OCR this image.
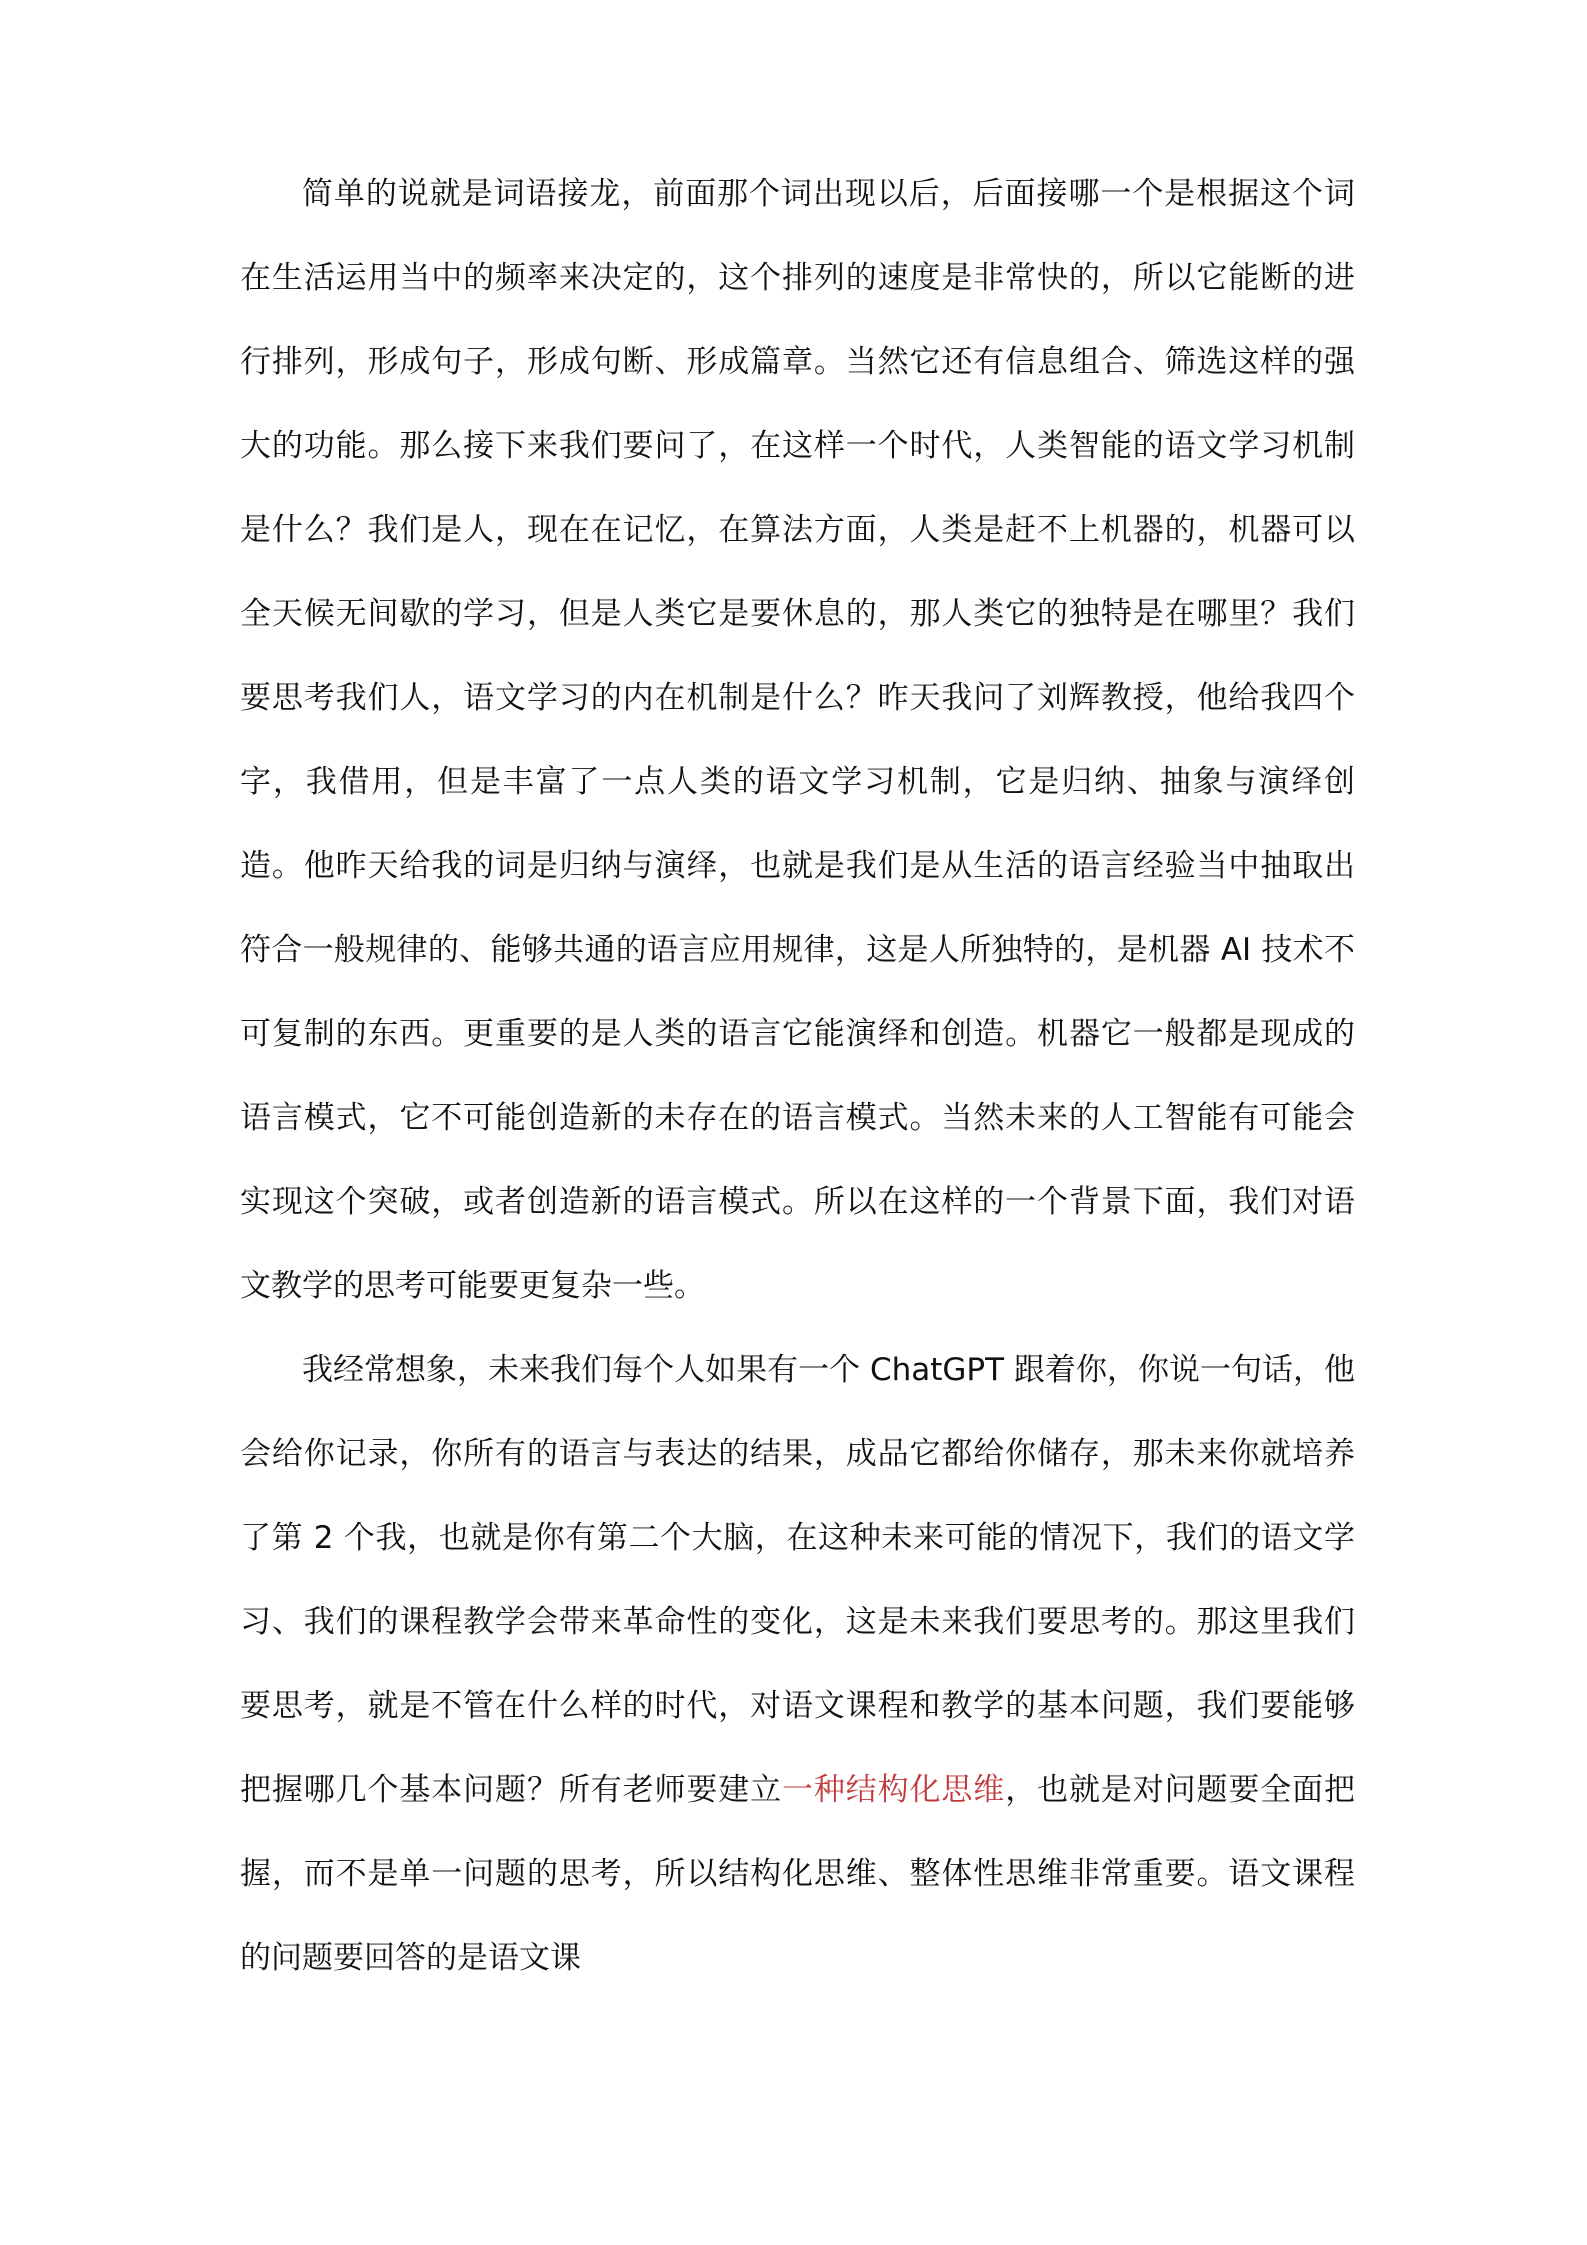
简单的说就是词语接龙，前面那个词出现以后，后面接哪一个是根据这个词在生活运用当中的频率来决定的，这个排列的速度是非常快的，所以它能断的进行排列，形成句子，形成句断、形成篇章。当然它还有信息组合、筛选这样的强大的功能。那么接下来我们要问了，在这样一个时代，人类智能的语文学习机制是什么？我们是人，现在在记忆，在算法方面，人类是赶不上机器的，机器可以全天候无间歇的学习，但是人类它是要休息的，那人类它的独特是在哪里？我们要思考我们人，语文学习的内在机制是什么？昨天我问了刘辉教授，他给我四个字，我借用，但是丰富了一点人类的语文学习机制，它是归纳、抽象与演绎创造。他昨天给我的词是归纳与演绎，也就是我们是从生活的语言经验当中抽取出符合一般规律的、能够共通的语言应用规律，这是人所独特的，是机器 AI 技术不可复制的东西。更重要的是人类的语言它能演绎和创造。机器它一般都是现成的语言模式，它不可能创造新的未存在的语言模式。当然未来的人工智能有可能会实现这个突破，或者创造新的语言模式。所以在这样的一个背景下面，我们对语文教学的思考可能要更复杂一些。

我经常想象，未来我们每个人如果有一个 ChatGPT 跟着你，你说一句话，他会给你记录，你所有的语言与表达的结果，成品它都给你储存，那未来你就培养了第 2 个我，也就是你有第二个大脑，在这种未来可能的情况下，我们的语文学习、我们的课程教学会带来革命性的变化，这是未来我们要思考的。那这里我们要思考，就是不管在什么样的时代，对语文课程和教学的基本问题，我们要能够把握哪几个基本问题？所有老师要建立一种结构化思维，也就是对问题要全面把握，而不是单一问题的思考，所以结构化思维、整体性思维非常重要。语文课程的问题要回答的是语文课
